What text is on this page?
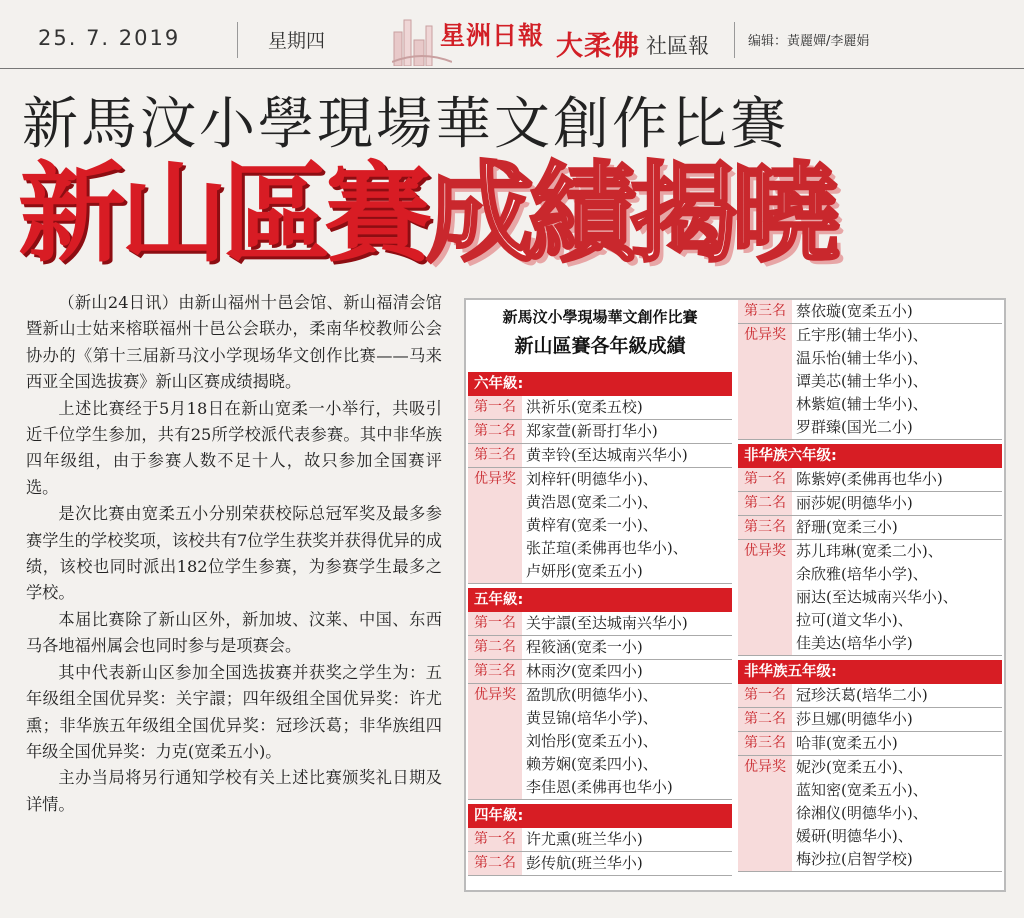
25. 7. 2019	星期四	星洲日報 大柔佛 社區報	编辑：黃麗嬋/李麗娟
新馬汶小學現場華文創作比賽
新山區賽成績揭曉

（新山24日讯）由新山福州十邑会馆、新山福清会馆暨新山士姑来榕联福州十邑公会联办，柔南华校教师公会协办的《第十三届新马汶小学现场华文创作比赛——马来西亚全国选拔赛》新山区赛成绩揭晓。

上述比赛经于5月18日在新山宽柔一小举行，共吸引近千位学生参加，共有25所学校派代表参赛。其中非华族四年级组，由于参赛人数不足十人，故只参加全国赛评选。

是次比赛由宽柔五小分别荣获校际总冠军奖及最多参赛学生的学校奖项，该校共有7位学生获奖并获得优异的成绩，该校也同时派出182位学生参赛，为参赛学生最多之学校。

本届比赛除了新山区外，新加坡、汶莱、中国、东西马各地福州属会也同时参与是项赛会。

其中代表新山区参加全国选拔赛并获奖之学生为：五年级组全国优异奖：关宇譞；四年级组全国优异奖：许尤熏；非华族五年级组全国优异奖：冠珍沃葛；非华族组四年级全国优异奖：力克(宽柔五小)。

主办当局将另行通知学校有关上述比赛颁奖礼日期及详情。

新馬汶小學現場華文創作比賽
新山區賽各年級成績
六年級:
第一名 洪祈乐(宽柔五校)
第二名 郑家萱(新哥打华小)
第三名 黄幸铃(至达城南兴华小)
优异奖 刘梓轩(明德华小)、
黄浩恩(宽柔二小)、
黄梓宥(宽柔一小)、
张芷瑄(柔佛再也华小)、
卢妍彤(宽柔五小)
五年級:
第一名 关宇譞(至达城南兴华小)
第二名 程筱涵(宽柔一小)
第三名 林雨汐(宽柔四小)
优异奖 盈凯欣(明德华小)、
黄昱锦(培华小学)、
刘怡彤(宽柔五小)、
赖芳娴(宽柔四小)、
李佳恩(柔佛再也华小)
四年級:
第一名 许尤熏(班兰华小)
第二名 彭传航(班兰华小)
第三名 蔡依璇(宽柔五小)
优异奖 丘宇彤(辅士华小)、
温乐怡(辅士华小)、
谭美芯(辅士华小)、
林紫媗(辅士华小)、
罗群臻(国光二小)
非华族六年级:
第一名 陈紫婷(柔佛再也华小)
第二名 丽莎妮(明德华小)
第三名 舒珊(宽柔三小)
优异奖 苏儿玮琳(宽柔二小)、
余欣雅(培华小学)、
丽达(至达城南兴华小)、
拉可(道文华小)、
佳美达(培华小学)
非华族五年级:
第一名 冠珍沃葛(培华二小)
第二名 莎旦娜(明德华小)
第三名 哈菲(宽柔五小)
优异奖 妮沙(宽柔五小)、
蓝知密(宽柔五小)、
徐湘仪(明德华小)、
媛研(明德华小)、
梅沙拉(启智学校)
